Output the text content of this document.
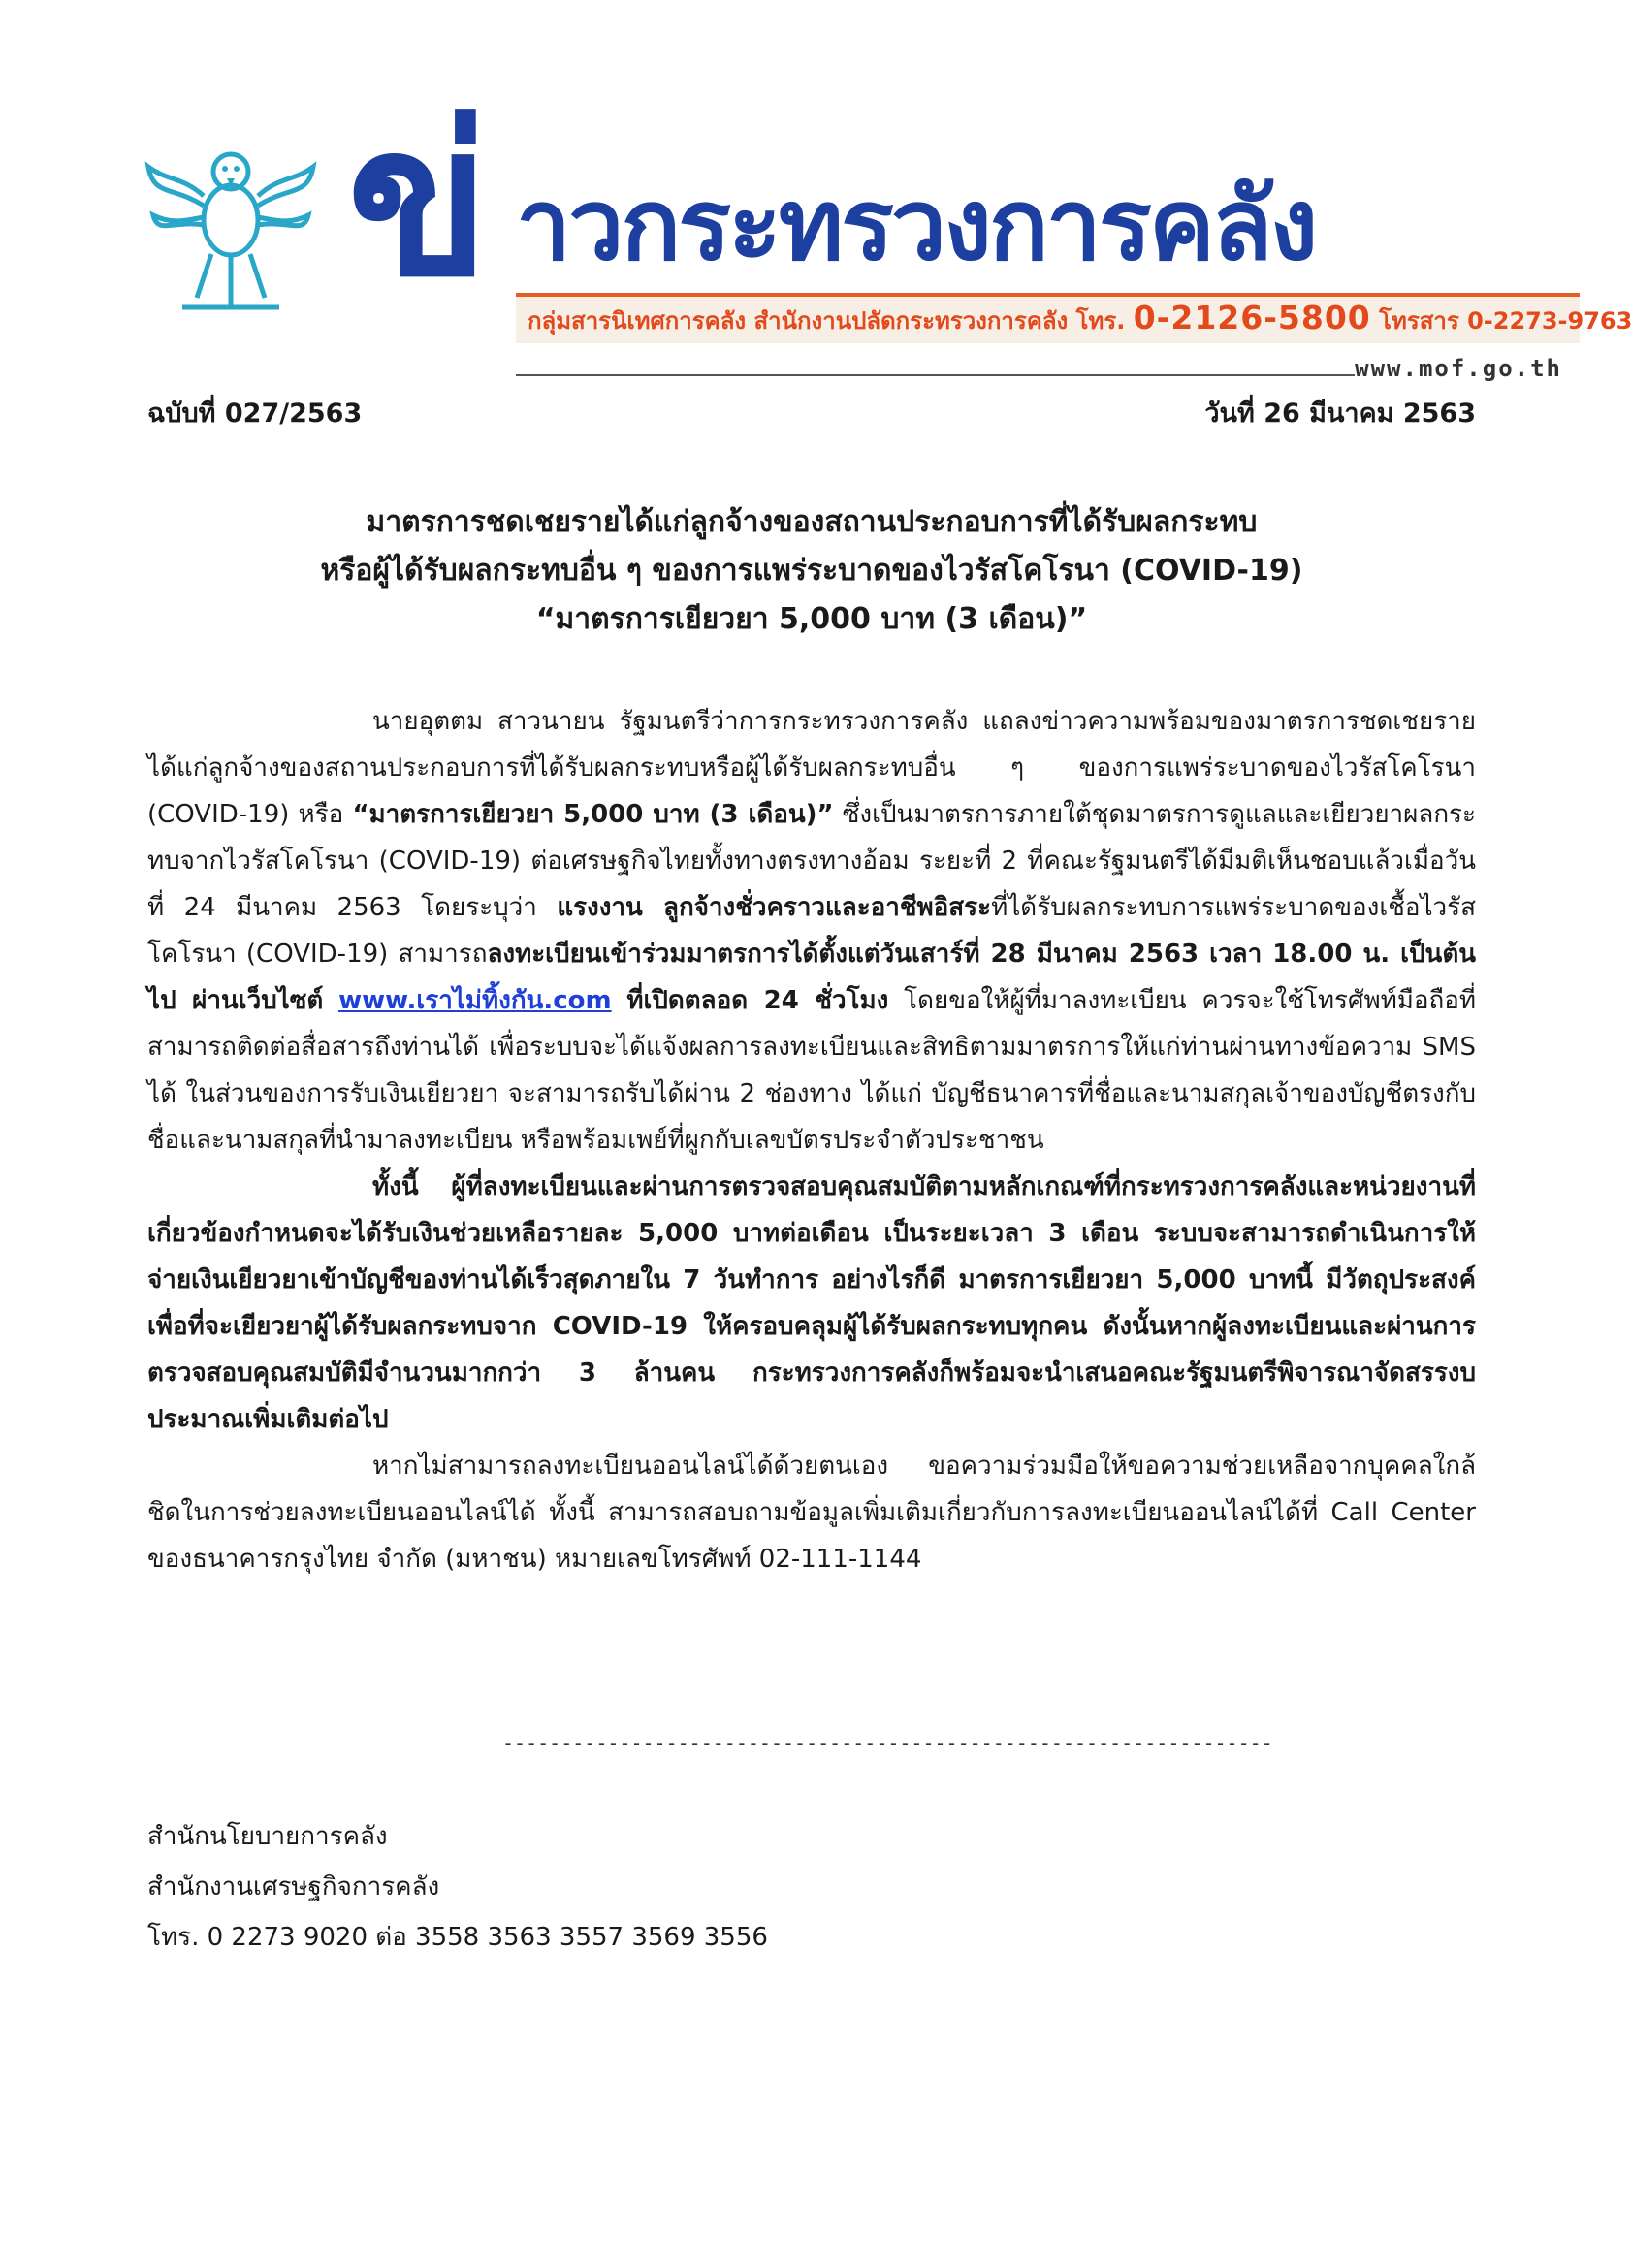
ข่ าวกระทรวงการคลัง
กลุ่มสารนิเทศการคลัง สำนักงานปลัดกระทรวงการคลัง โทร. 0-2126-5800 โทรสาร 0-2273-9763
www.mof.go.th
ฉบับที่ 027/2563	วันที่ 26 มีนาคม 2563
มาตรการชดเชยรายได้แก่ลูกจ้างของสถานประกอบการที่ได้รับผลกระทบ
หรือผู้ได้รับผลกระทบอื่น ๆ ของการแพร่ระบาดของไวรัสโคโรนา (COVID-19)
“มาตรการเยียวยา 5,000 บาท (3 เดือน)”

นายอุตตม สาวนายน รัฐมนตรีว่าการกระทรวงการคลัง แถลงข่าวความพร้อมของมาตรการชดเชยรายได้แก่ลูกจ้างของสถานประกอบการที่ได้รับผลกระทบหรือผู้ได้รับผลกระทบอื่น ๆ ของการแพร่ระบาดของไวรัสโคโรนา (COVID-19) หรือ “มาตรการเยียวยา 5,000 บาท (3 เดือน)” ซึ่งเป็นมาตรการภายใต้ชุดมาตรการดูแลและเยียวยาผลกระทบจากไวรัสโคโรนา (COVID-19) ต่อเศรษฐกิจไทยทั้งทางตรงทางอ้อม ระยะที่ 2 ที่คณะรัฐมนตรีได้มีมติเห็นชอบแล้วเมื่อวันที่ 24 มีนาคม 2563 โดยระบุว่า แรงงาน ลูกจ้างชั่วคราวและอาชีพอิสระที่ได้รับผลกระทบการแพร่ระบาดของเชื้อไวรัสโคโรนา (COVID-19) สามารถลงทะเบียนเข้าร่วมมาตรการได้ตั้งแต่วันเสาร์ที่ 28 มีนาคม 2563 เวลา 18.00 น. เป็นต้นไป ผ่านเว็บไซต์ www.เราไม่ทิ้งกัน.com ที่เปิดตลอด 24 ชั่วโมง โดยขอให้ผู้ที่มาลงทะเบียน ควรจะใช้โทรศัพท์มือถือที่สามารถติดต่อสื่อสารถึงท่านได้ เพื่อระบบจะได้แจ้งผลการลงทะเบียนและสิทธิตามมาตรการให้แก่ท่านผ่านทางข้อความ SMS ได้ ในส่วนของการรับเงินเยียวยา จะสามารถรับได้ผ่าน 2 ช่องทาง ได้แก่ บัญชีธนาคารที่ชื่อและนามสกุลเจ้าของบัญชีตรงกับชื่อและนามสกุลที่นำมาลงทะเบียน หรือพร้อมเพย์ที่ผูกกับเลขบัตรประจำตัวประชาชน

ทั้งนี้ ผู้ที่ลงทะเบียนและผ่านการตรวจสอบคุณสมบัติตามหลักเกณฑ์ที่กระทรวงการคลังและหน่วยงานที่เกี่ยวข้องกำหนดจะได้รับเงินช่วยเหลือรายละ 5,000 บาทต่อเดือน เป็นระยะเวลา 3 เดือน ระบบจะสามารถดำเนินการให้จ่ายเงินเยียวยาเข้าบัญชีของท่านได้เร็วสุดภายใน 7 วันทำการ อย่างไรก็ดี มาตรการเยียวยา 5,000 บาทนี้ มีวัตถุประสงค์เพื่อที่จะเยียวยาผู้ได้รับผลกระทบจาก COVID-19 ให้ครอบคลุมผู้ได้รับผลกระทบทุกคน ดังนั้นหากผู้ลงทะเบียนและผ่านการตรวจสอบคุณสมบัติมีจำนวนมากกว่า 3 ล้านคน กระทรวงการคลังก็พร้อมจะนำเสนอคณะรัฐมนตรีพิจารณาจัดสรรงบประมาณเพิ่มเติมต่อไป

หากไม่สามารถลงทะเบียนออนไลน์ได้ด้วยตนเอง ขอความร่วมมือให้ขอความช่วยเหลือจากบุคคลใกล้ชิดในการช่วยลงทะเบียนออนไลน์ได้ ทั้งนี้ สามารถสอบถามข้อมูลเพิ่มเติมเกี่ยวกับการลงทะเบียนออนไลน์ได้ที่ Call Center ของธนาคารกรุงไทย จำกัด (มหาชน) หมายเลขโทรศัพท์ 02-111-1144

------------------------------------------------------------------
สำนักนโยบายการคลัง
สำนักงานเศรษฐกิจการคลัง
โทร. 0 2273 9020 ต่อ 3558 3563 3557 3569 3556
